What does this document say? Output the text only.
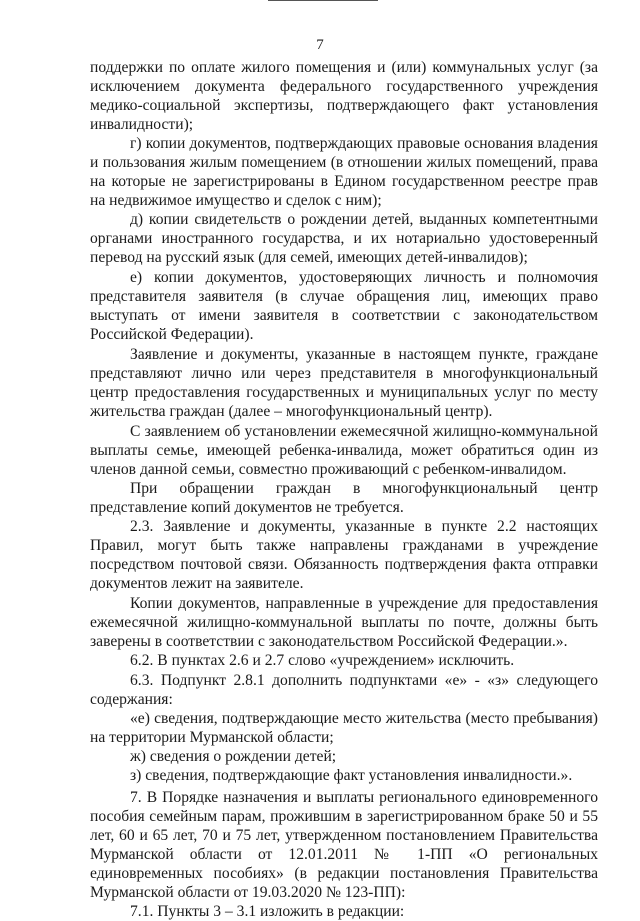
7

поддержки по оплате жилого помещения и (или) коммунальных услуг (за исключением документа федерального государственного учреждения медико-социальной экспертизы, подтверждающего факт установления инвалидности);

г) копии документов, подтверждающих правовые основания владения и пользования жилым помещением (в отношении жилых помещений, права на которые не зарегистрированы в Едином государственном реестре прав на недвижимое имущество и сделок с ним);

д) копии свидетельств о рождении детей, выданных компетентными органами иностранного государства, и их нотариально удостоверенный перевод на русский язык (для семей, имеющих детей-инвалидов);

е) копии документов, удостоверяющих личность и полномочия представителя заявителя (в случае обращения лиц, имеющих право выступать от имени заявителя в соответствии с законодательством Российской Федерации).

Заявление и документы, указанные в настоящем пункте, граждане представляют лично или через представителя в многофункциональный центр предоставления государственных и муниципальных услуг по месту жительства граждан (далее – многофункциональный центр).

С заявлением об установлении ежемесячной жилищно-коммунальной выплаты семье, имеющей ребенка-инвалида, может обратиться один из членов данной семьи, совместно проживающий с ребенком-инвалидом.

При обращении граждан в многофункциональный центр представление копий документов не требуется.

2.3. Заявление и документы, указанные в пункте 2.2 настоящих Правил, могут быть также направлены гражданами в учреждение посредством почтовой связи. Обязанность подтверждения факта отправки документов лежит на заявителе.

Копии документов, направленные в учреждение для предоставления ежемесячной жилищно-коммунальной выплаты по почте, должны быть заверены в соответствии с законодательством Российской Федерации.».

6.2. В пунктах 2.6 и 2.7 слово «учреждением» исключить.

6.3. Подпункт 2.8.1 дополнить подпунктами «е» - «з» следующего содержания:

«е) сведения, подтверждающие место жительства (место пребывания) на территории Мурманской области;

ж) сведения о рождении детей;

з) сведения, подтверждающие факт установления инвалидности.».

7. В Порядке назначения и выплаты регионального единовременного пособия семейным парам, прожившим в зарегистрированном браке 50 и 55 лет, 60 и 65 лет, 70 и 75 лет, утвержденном постановлением Правительства Мурманской области от 12.01.2011 № 1-ПП «О региональных единовременных пособиях» (в редакции постановления Правительства Мурманской области от 19.03.2020 № 123-ПП):

7.1. Пункты 3 – 3.1 изложить в редакции:
